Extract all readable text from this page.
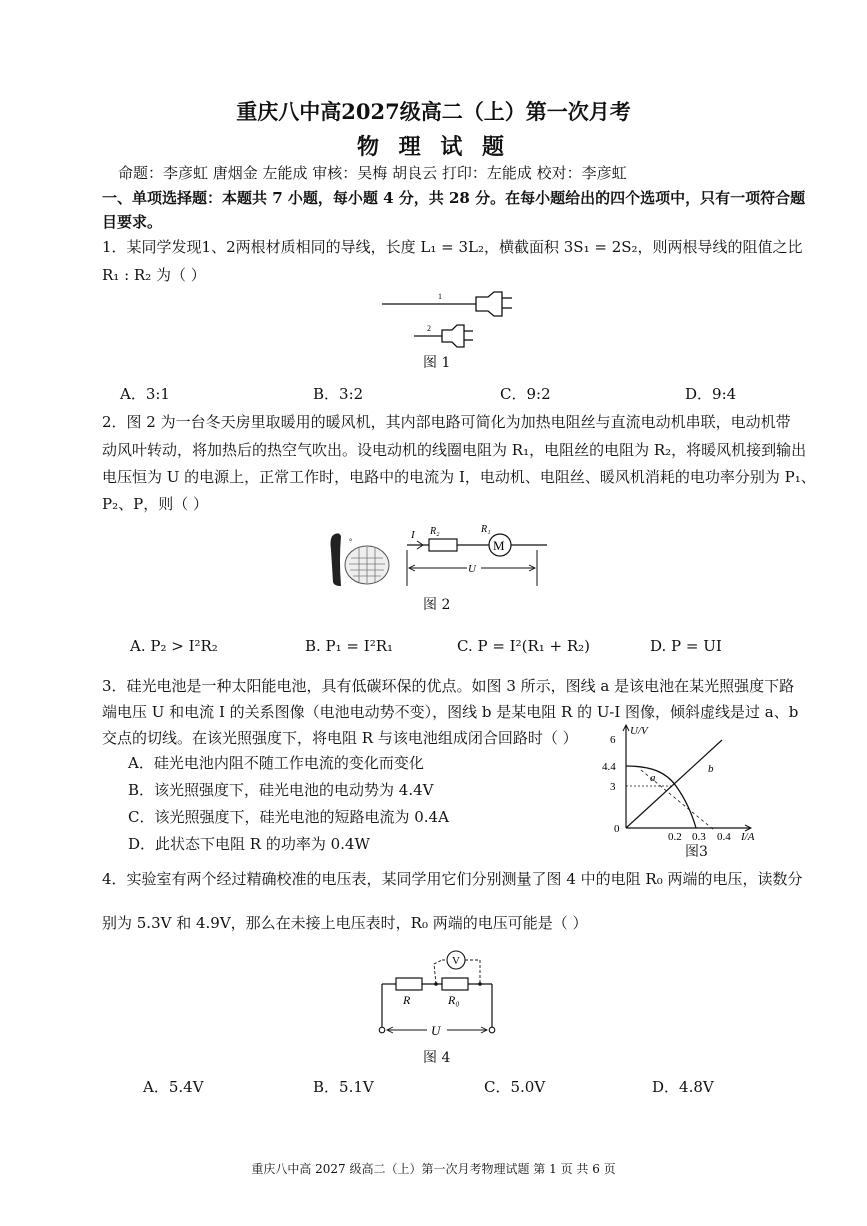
重庆八中高2027级高二（上）第一次月考
物 理 试 题
命题：李彦虹 唐烟金 左能成 审核：吴梅 胡良云 打印：左能成 校对：李彦虹
一、单项选择题：本题共 7 小题，每小题 4 分，共 28 分。在每小题给出的四个选项中，只有一项符合题
目要求。
1．某同学发现1、2两根材质相同的导线，长度 L₁ = 3L₂，横截面积 3S₁ = 2S₂，则两根导线的阻值之比
R₁ : R₂ 为（ ）
1
2
图 1
A．3:1	B．3:2	C．9:2	D．9:4
2．图 2 为一台冬天房里取暖用的暖风机，其内部电路可简化为加热电阻丝与直流电动机串联，电动机带
动风叶转动，将加热后的热空气吹出。设电动机的线圈电阻为 R₁，电阻丝的电阻为 R₂，将暖风机接到输出
电压恒为 U 的电源上，正常工作时，电路中的电流为 I，电动机、电阻丝、暖风机消耗的电功率分别为 P₁、
P₂、P，则（ ）
°
I R₂
M
R₁
U
图 2
A. P₂ > I²R₂	B. P₁ = I²R₁	C. P = I²(R₁ + R₂)	D. P = UI
3．硅光电池是一种太阳能电池，具有低碳环保的优点。如图 3 所示，图线 a 是该电池在某光照强度下路
端电压 U 和电流 I 的关系图像（电池电动势不变），图线 b 是某电阻 R 的 U-I 图像，倾斜虚线是过 a、b
交点的切线。在该光照强度下，将电阻 R 与该电池组成闭合回路时（ ）
A．硅光电池内阻不随工作电流的变化而变化
B．该光照强度下，硅光电池的电动势为 4.4V
C．该光照强度下，硅光电池的短路电流为 0.4A
D．此状态下电阻 R 的功率为 0.4W
U/V
I/A
6
4.4
3
0
0.2 0.3 0.4
a
b
图3
4．实验室有两个经过精确校准的电压表，某同学用它们分别测量了图 4 中的电阻 R₀ 两端的电压，读数分
别为 5.3V 和 4.9V，那么在未接上电压表时，R₀ 两端的电压可能是（ ）
V
R	R₀
U
图 4
A．5.4V	B．5.1V	C．5.0V	D．4.8V
重庆八中高 2027 级高二（上）第一次月考物理试题 第 1 页 共 6 页
